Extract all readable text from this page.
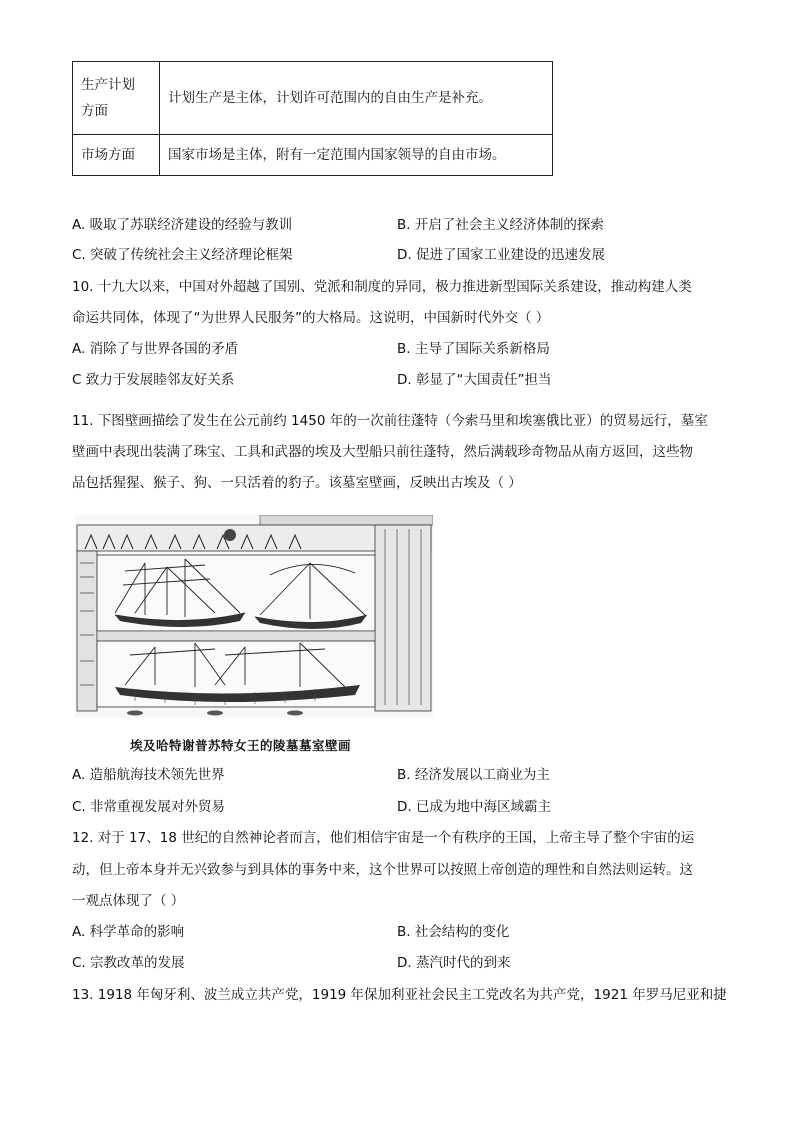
生产计划方面	计划生产是主体，计划许可范围内的自由生产是补充。
市场方面	国家市场是主体，附有一定范围内国家领导的自由市场。
A. 吸取了苏联经济建设的经验与教训	B. 开启了社会主义经济体制的探索
C. 突破了传统社会主义经济理论框架	D. 促进了国家工业建设的迅速发展
10. 十九大以来，中国对外超越了国别、党派和制度的异同，极力推进新型国际关系建设，推动构建人类
命运共同体，体现了“为世界人民服务”的大格局。这说明，中国新时代外交（ ）
A. 消除了与世界各国的矛盾	B. 主导了国际关系新格局
C 致力于发展睦邻友好关系	D. 彰显了“大国责任”担当
11. 下图壁画描绘了发生在公元前约 1450 年的一次前往蓬特（今索马里和埃塞俄比亚）的贸易远行，墓室
壁画中表现出装满了珠宝、工具和武器的埃及大型船只前往蓬特，然后满载珍奇物品从南方返回，这些物
品包括猩猩、猴子、狗、一只活着的豹子。该墓室壁画，反映出古埃及（ ）
埃及哈特谢普苏特女王的陵墓墓室壁画
A. 造船航海技术领先世界	B. 经济发展以工商业为主
C. 非常重视发展对外贸易	D. 已成为地中海区域霸主
12. 对于 17、18 世纪的自然神论者而言，他们相信宇宙是一个有秩序的王国，上帝主导了整个宇宙的运
动，但上帝本身并无兴致参与到具体的事务中来，这个世界可以按照上帝创造的理性和自然法则运转。这
一观点体现了（ ）
A. 科学革命的影响	B. 社会结构的变化
C. 宗教改革的发展	D. 蒸汽时代的到来
13. 1918 年匈牙利、波兰成立共产党，1919 年保加利亚社会民主工党改名为共产党，1921 年罗马尼亚和捷
